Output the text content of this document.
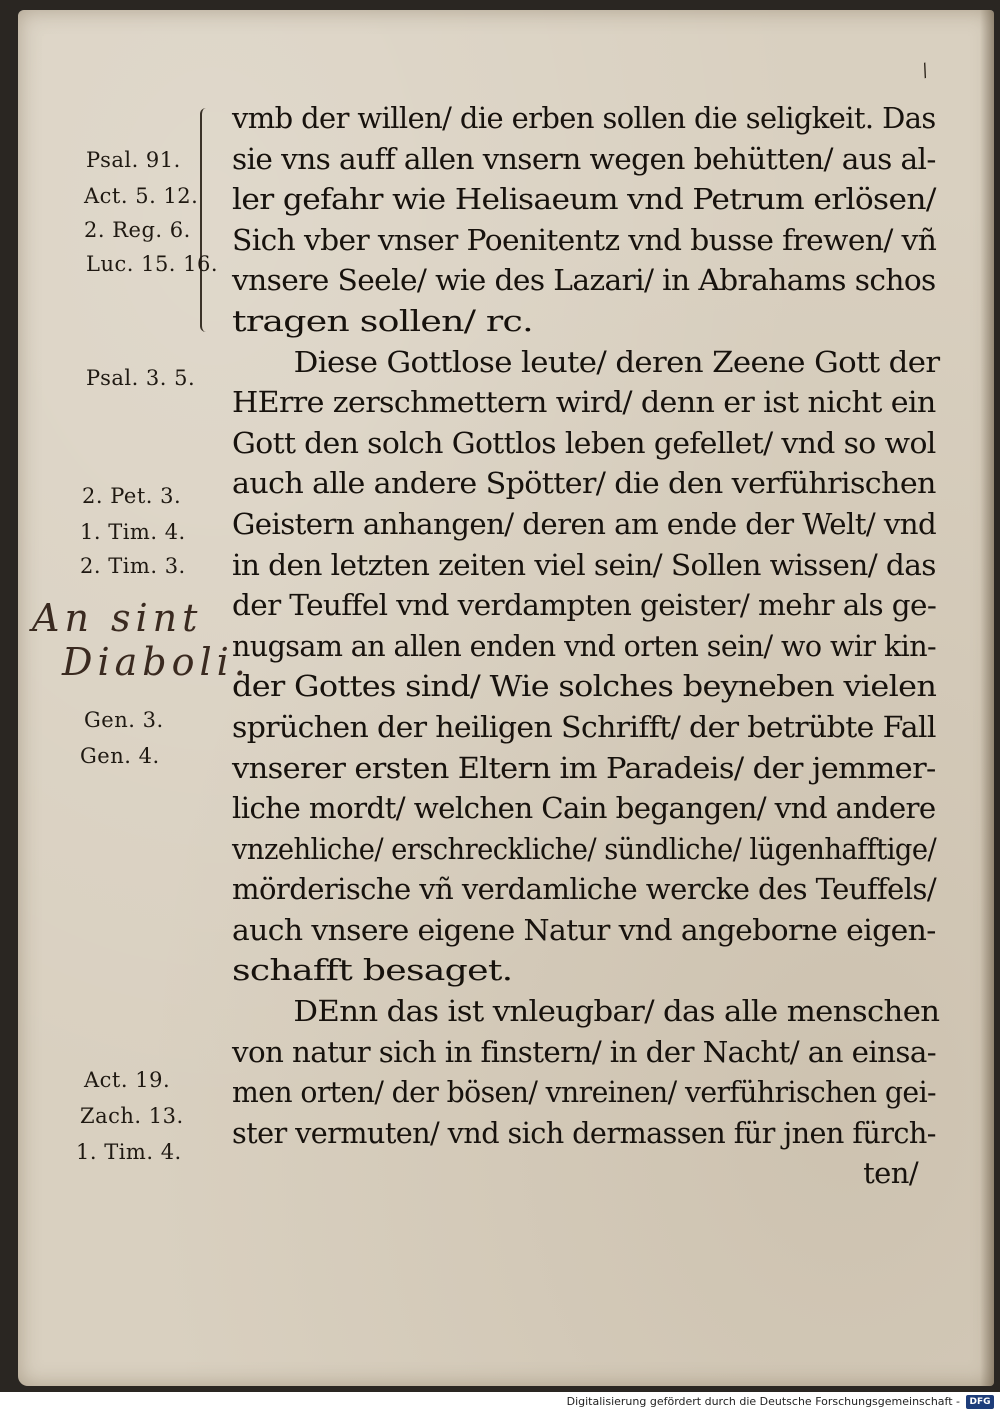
/
Psal. 91.
Act. 5. 12.
2. Reg. 6.
Luc. 15. 16.
Psal. 3. 5.
2. Pet. 3.
1. Tim. 4.
2. Tim. 3.
Gen. 3.
Gen. 4.
Act. 19.
Zach. 13.
1. Tim. 4.
An sint
Diaboli.
vmb der willen/ die erben sollen die seligkeit. Das
sie vns auff allen vnsern wegen behütten/ aus al-
ler gefahr wie Helisaeum vnd Petrum erlösen/
Sich vber vnser Poenitentz vnd busse frewen/ vñ
vnsere Seele/ wie des Lazari/ in Abrahams schos
tragen sollen/ rc.
Diese Gottlose leute/ deren Zeene Gott der
HErre zerschmettern wird/ denn er ist nicht ein
Gott den solch Gottlos leben gefellet/ vnd so wol
auch alle andere Spötter/ die den verführischen
Geistern anhangen/ deren am ende der Welt/ vnd
in den letzten zeiten viel sein/ Sollen wissen/ das
der Teuffel vnd verdampten geister/ mehr als ge-
nugsam an allen enden vnd orten sein/ wo wir kin-
der Gottes sind/ Wie solches beyneben vielen
sprüchen der heiligen Schrifft/ der betrübte Fall
vnserer ersten Eltern im Paradeis/ der jemmer-
liche mordt/ welchen Cain begangen/ vnd andere
vnzehliche/ erschreckliche/ sündliche/ lügenhafftige/
mörderische vñ verdamliche wercke des Teuffels/
auch vnsere eigene Natur vnd angeborne eigen-
schafft besaget.
DEnn das ist vnleugbar/ das alle menschen
von natur sich in finstern/ in der Nacht/ an einsa-
men orten/ der bösen/ vnreinen/ verführischen gei-
ster vermuten/ vnd sich dermassen für jnen fürch-
ten/
Digitalisierung gefördert durch die Deutsche Forschungsgemeinschaft -	DFG
